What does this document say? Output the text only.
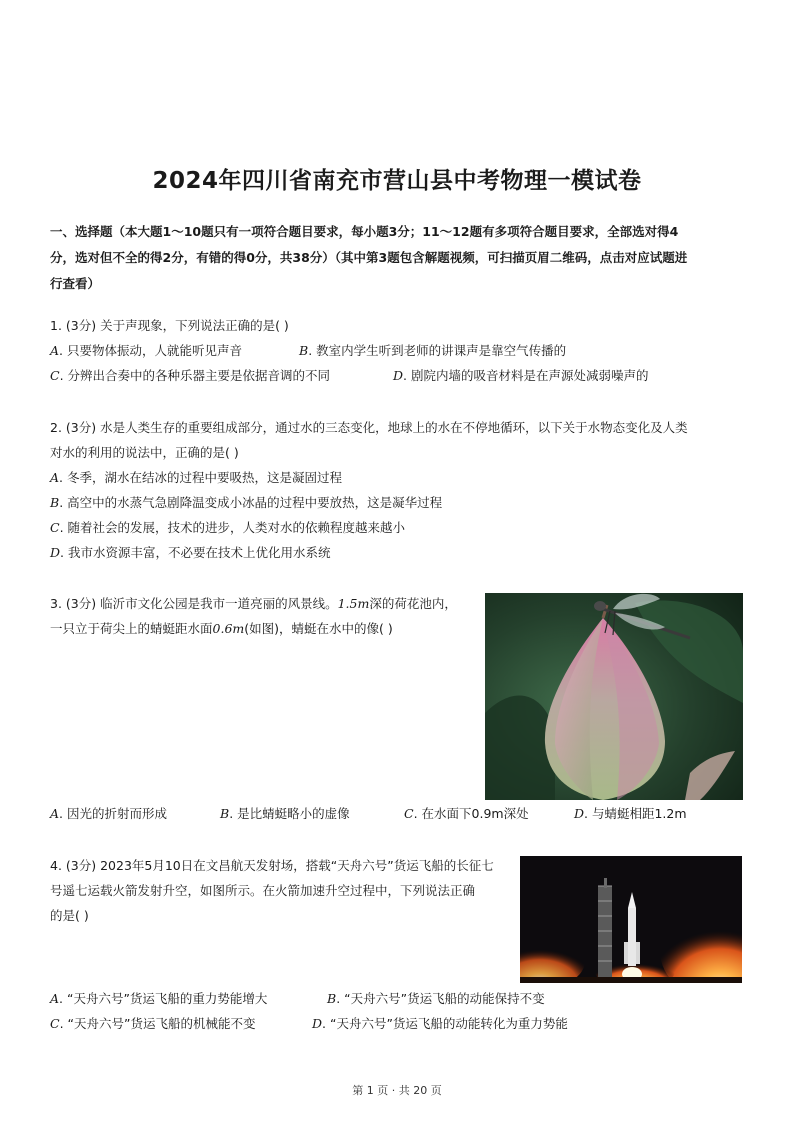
2024年四川省南充市营山县中考物理一模试卷
一、选择题（本大题1～10题只有一项符合题目要求，每小题3分；11～12题有多项符合题目要求，全部选对得4
分，选对但不全的得2分，有错的得0分，共38分）（其中第3题包含解题视频，可扫描页眉二维码，点击对应试题进
行查看）
1. (3分) 关于声现象，下列说法正确的是( )
A. 只要物体振动，人就能听见声音	B. 教室内学生听到老师的讲课声是靠空气传播的
C. 分辨出合奏中的各种乐器主要是依据音调的不同	D. 剧院内墙的吸音材料是在声源处减弱噪声的
2. (3分) 水是人类生存的重要组成部分，通过水的三态变化，地球上的水在不停地循环，以下关于水物态变化及人类
对水的利用的说法中，正确的是( )
A. 冬季，湖水在结冰的过程中要吸热，这是凝固过程
B. 高空中的水蒸气急剧降温变成小冰晶的过程中要放热，这是凝华过程
C. 随着社会的发展，技术的进步，人类对水的依赖程度越来越小
D. 我市水资源丰富，不必要在技术上优化用水系统
3. (3分) 临沂市文化公园是我市一道亮丽的风景线。1.5m深的荷花池内，
一只立于荷尖上的蜻蜓距水面0.6m(如图)，蜻蜓在水中的像( )
A. 因光的折射而形成	B. 是比蜻蜓略小的虚像	C. 在水面下0.9m深处	D. 与蜻蜓相距1.2m
4. (3分) 2023年5月10日在文昌航天发射场，搭载“天舟六号”货运飞船的长征七
号遥七运载火箭发射升空，如图所示。在火箭加速升空过程中，下列说法正确
的是( )
A. “天舟六号”货运飞船的重力势能增大	B. “天舟六号”货运飞船的动能保持不变
C. “天舟六号”货运飞船的机械能不变	D. “天舟六号”货运飞船的动能转化为重力势能
第 1 页 · 共 20 页
